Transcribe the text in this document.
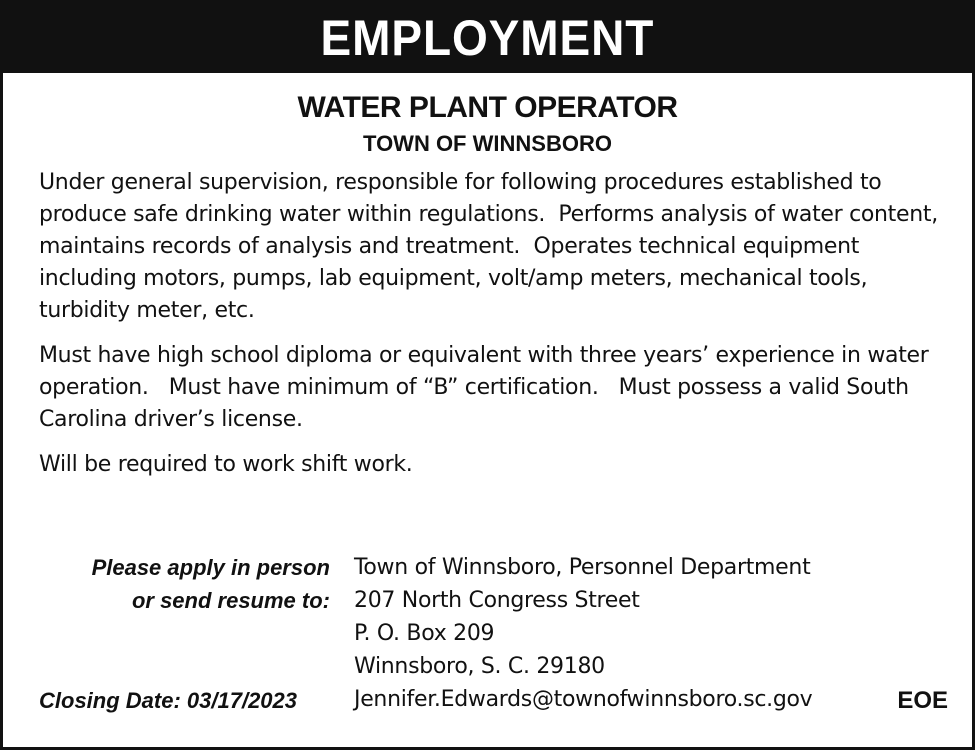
EMPLOYMENT
WATER PLANT OPERATOR
TOWN OF WINNSBORO

Under general supervision, responsible for following procedures established to produce safe drinking water within regulations.  Performs analysis of water content, maintains records of analysis and treatment.  Operates technical equipment including motors, pumps, lab equipment, volt/amp meters, mechanical tools, turbidity meter, etc.

Must have high school diploma or equivalent with three years’ experience in water operation.   Must have minimum of “B” certification.   Must possess a valid South Carolina driver’s license.

Will be required to work shift work.

Please apply in person
or send resume to:
Town of Winnsboro, Personnel Department
207 North Congress Street
P. O. Box 209
Winnsboro, S. C. 29180
Jennifer.Edwards@townofwinnsboro.sc.gov
Closing Date: 03/17/2023	EOE
